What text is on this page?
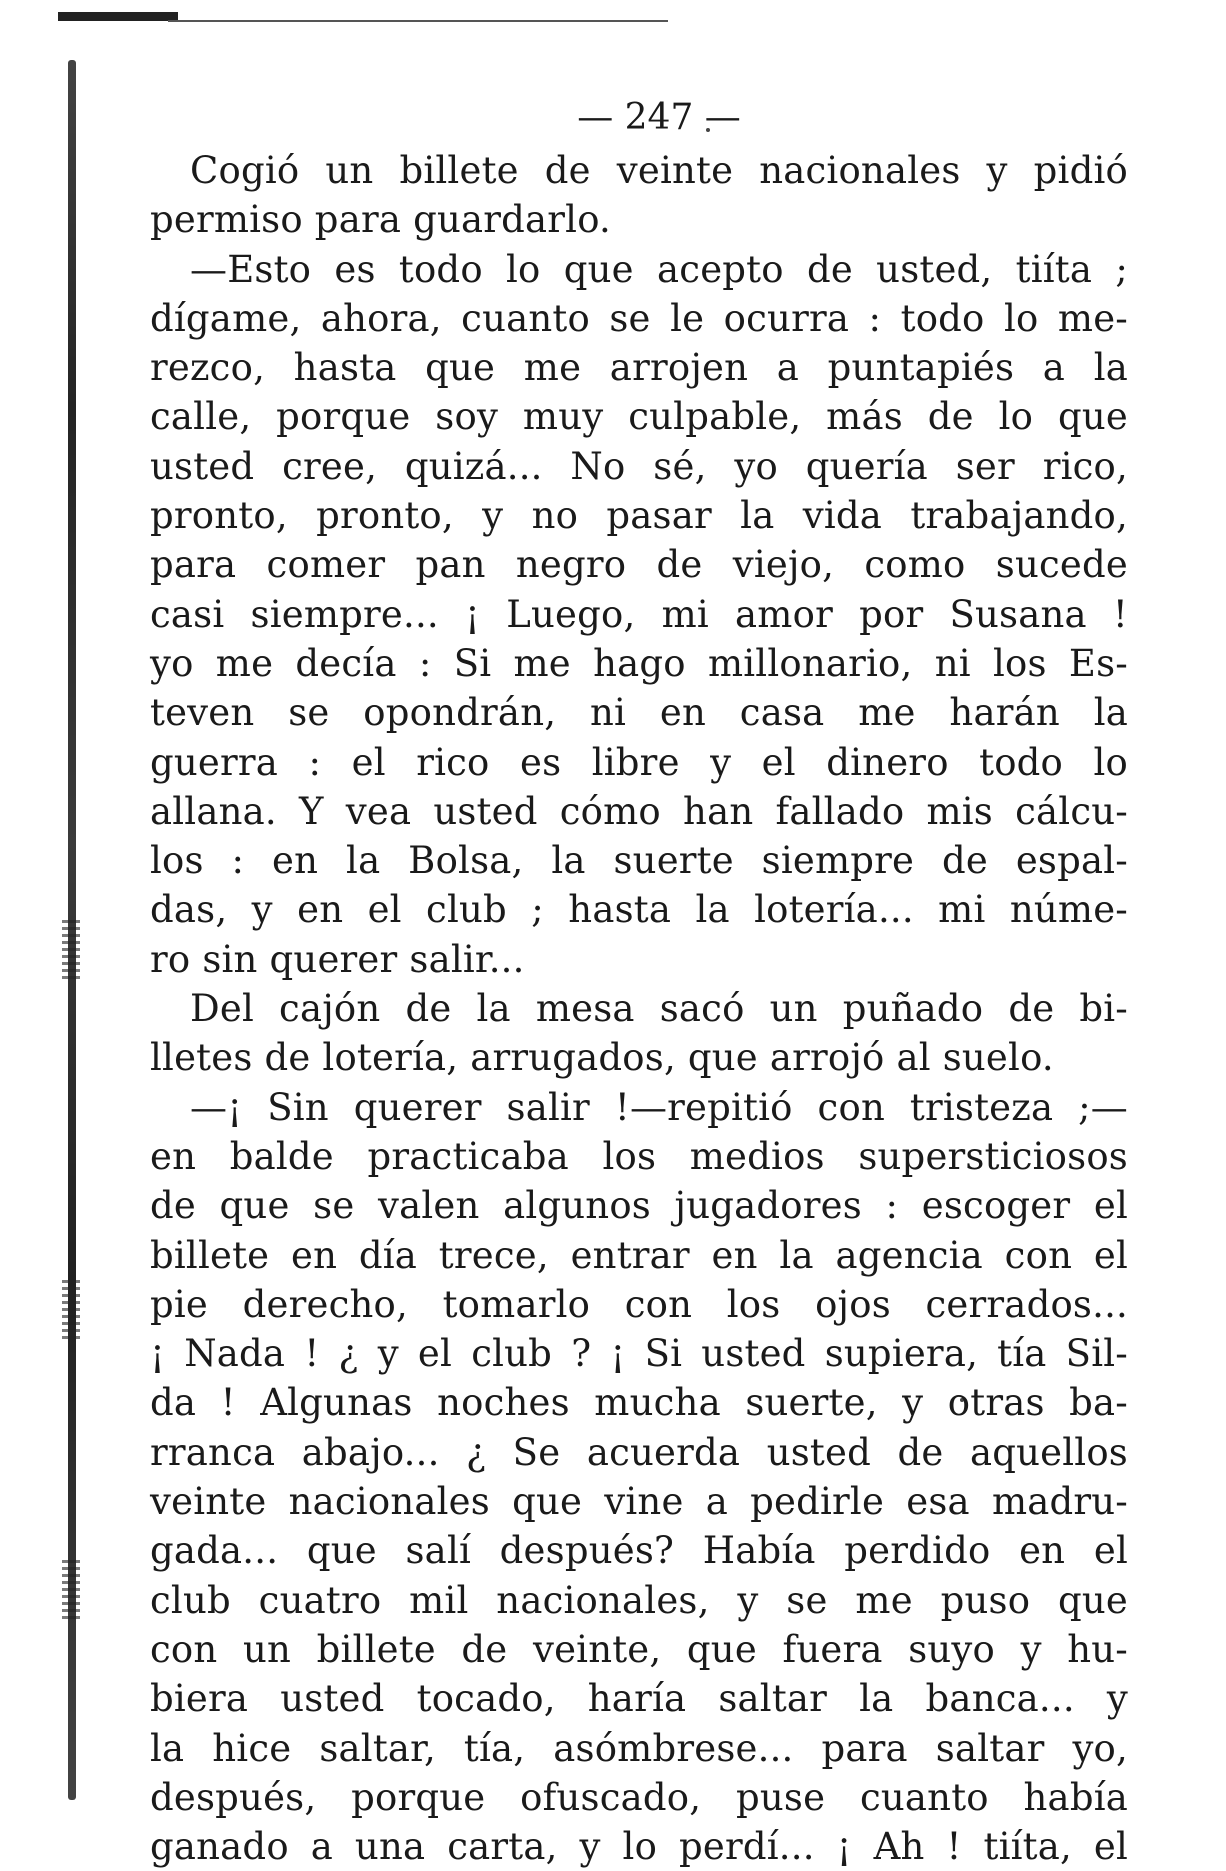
— 247 —
Cogió un billete de veinte nacionales y pidió
permiso para guardarlo.
—Esto es todo lo que acepto de usted, tiíta ;
dígame, ahora, cuanto se le ocurra : todo lo me-
rezco, hasta que me arrojen a puntapiés a la
calle, porque soy muy culpable, más de lo que
usted cree, quizá... No sé, yo quería ser rico,
pronto, pronto, y no pasar la vida trabajando,
para comer pan negro de viejo, como sucede
casi siempre... ¡ Luego, mi amor por Susana !
yo me decía : Si me hago millonario, ni los Es-
teven se opondrán, ni en casa me harán la
guerra : el rico es libre y el dinero todo lo
allana. Y vea usted cómo han fallado mis cálcu-
los : en la Bolsa, la suerte siempre de espal-
das, y en el club ; hasta la lotería... mi núme-
ro sin querer salir...
Del cajón de la mesa sacó un puñado de bi-
lletes de lotería, arrugados, que arrojó al suelo.
—¡ Sin querer salir !—repitió con tristeza ;—
en balde practicaba los medios supersticiosos
de que se valen algunos jugadores : escoger el
billete en día trece, entrar en la agencia con el
pie derecho, tomarlo con los ojos cerrados...
¡ Nada ! ¿ y el club ? ¡ Si usted supiera, tía Sil-
da ! Algunas noches mucha suerte, y otras ba-
rranca abajo... ¿ Se acuerda usted de aquellos
veinte nacionales que vine a pedirle esa madru-
gada... que salí después? Había perdido en el
club cuatro mil nacionales, y se me puso que
con un billete de veinte, que fuera suyo y hu-
biera usted tocado, haría saltar la banca... y
la hice saltar, tía, asómbrese... para saltar yo,
después, porque ofuscado, puse cuanto había
ganado a una carta, y lo perdí... ¡ Ah ! tiíta, el
